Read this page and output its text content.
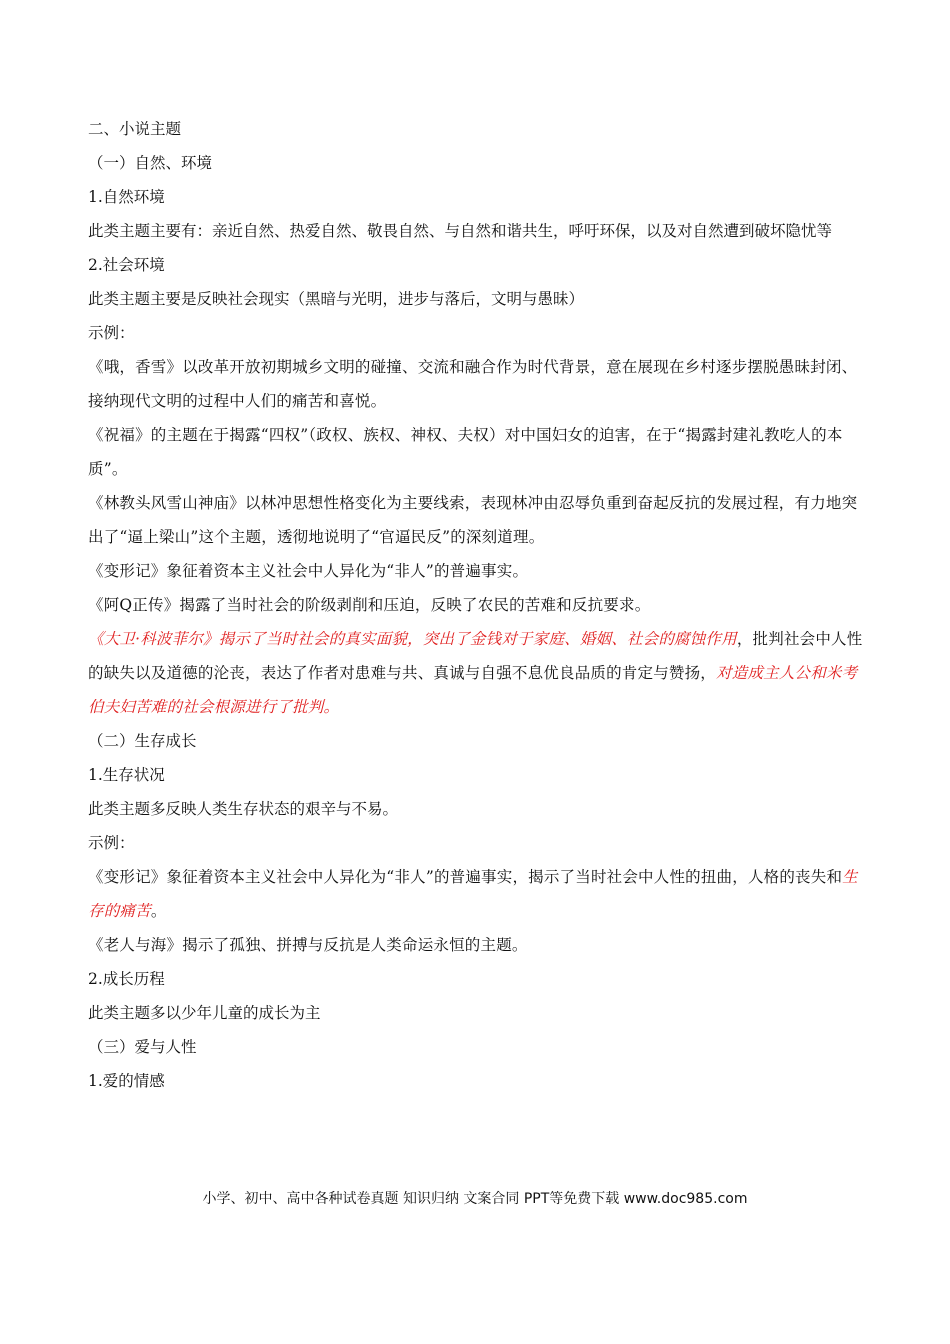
二、小说主题
（一）自然、环境
1.自然环境
此类主题主要有：亲近自然、热爱自然、敬畏自然、与自然和谐共生，呼吁环保，以及对自然遭到破坏隐忧等
2.社会环境
此类主题主要是反映社会现实（黑暗与光明，进步与落后，文明与愚昧）
示例：
《哦，香雪》以改革开放初期城乡文明的碰撞、交流和融合作为时代背景，意在展现在乡村逐步摆脱愚昧封闭、接纳现代文明的过程中人们的痛苦和喜悦。
《祝福》的主题在于揭露“四权”（政权、族权、神权、夫权）对中国妇女的迫害，在于“揭露封建礼教吃人的本质”。
《林教头风雪山神庙》以林冲思想性格变化为主要线索，表现林冲由忍辱负重到奋起反抗的发展过程，有力地突出了“逼上梁山”这个主题，透彻地说明了“官逼民反”的深刻道理。
《变形记》象征着资本主义社会中人异化为“非人”的普遍事实。
《阿Q正传》揭露了当时社会的阶级剥削和压迫，反映了农民的苦难和反抗要求。
《大卫·科波菲尔》揭示了当时社会的真实面貌，突出了金钱对于家庭、婚姻、社会的腐蚀作用，批判社会中人性的缺失以及道德的沦丧，表达了作者对患难与共、真诚与自强不息优良品质的肯定与赞扬，对造成主人公和米考伯夫妇苦难的社会根源进行了批判。
（二）生存成长
1.生存状况
此类主题多反映人类生存状态的艰辛与不易。
示例：
《变形记》象征着资本主义社会中人异化为“非人”的普遍事实，揭示了当时社会中人性的扭曲，人格的丧失和生存的痛苦。
《老人与海》揭示了孤独、拼搏与反抗是人类命运永恒的主题。
2.成长历程
此类主题多以少年儿童的成长为主
（三）爱与人性
1.爱的情感
小学、初中、高中各种试卷真题 知识归纳 文案合同 PPT等免费下载 www.doc985.com
